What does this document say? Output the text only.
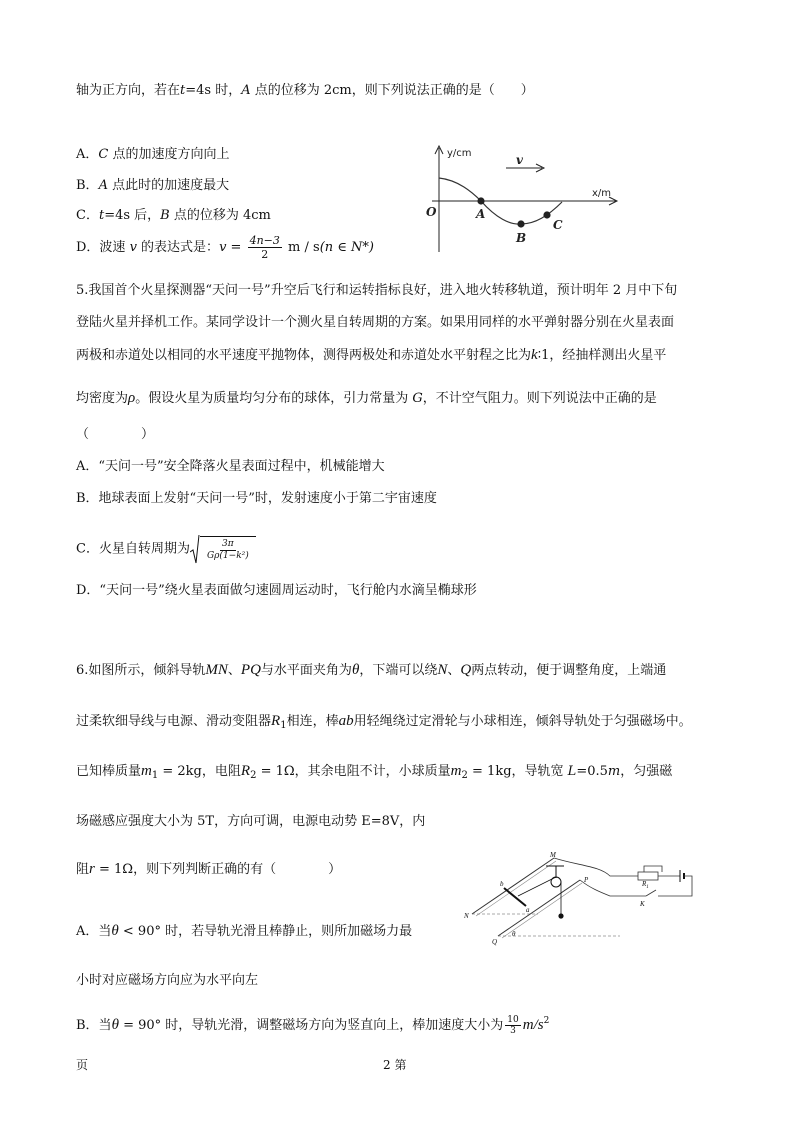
轴为正方向，若在t=4s 时，A 点的位移为 2cm，则下列说法正确的是（　　）
A．C 点的加速度方向向上
B．A 点此时的加速度最大
C．t=4s 后，B 点的位移为 4cm
D．波速 v 的表达式是：$v = \frac{4n-3}{2}$ m / s(n ∈ N*)
y/cm
x/m
O
v
A
B
C
5.我国首个火星探测器“天问一号”升空后飞行和运转指标良好，进入地火转移轨道，预计明年 2 月中下旬
登陆火星并择机工作。某同学设计一个测火星自转周期的方案。如果用同样的水平弹射器分别在火星表面
两极和赤道处以相同的水平速度平抛物体，测得两极处和赤道处水平射程之比为k∶1，经抽样测出火星平
均密度为ρ。假设火星为质量均匀分布的球体，引力常量为 G，不计空气阻力。则下列说法中正确的是
（　　　　）
A．“天问一号”安全降落火星表面过程中，机械能增大
B．地球表面上发射“天问一号”时，发射速度小于第二宇宙速度
C．火星自转周期为 $\frac{3\pi}{\text{Gρ(1−k²)}}$
D．“天问一号”绕火星表面做匀速圆周运动时，飞行舱内水滴呈椭球形
6.如图所示，倾斜导轨MN、PQ与水平面夹角为θ，下端可以绕N、Q两点转动，便于调整角度，上端通
过柔软细导线与电源、滑动变阻器$R_1$相连，棒ab用轻绳绕过定滑轮与小球相连，倾斜导轨处于匀强磁场中。
已知棒质量$m_1 = 2kg$，电阻$R_2 = 1\Omega$，其余电阻不计，小球质量$m_2 = 1kg$，导轨宽 L=0.5m，匀强磁
场磁感应强度大小为 5T，方向可调，电源电动势 E=8V，内
阻r = 1Ω，则下列判断正确的有（　　　　）
A．当θ < 90° 时，若导轨光滑且棒静止，则所加磁场力最
小时对应磁场方向应为水平向左
B．当θ = 90° 时，导轨光滑，调整磁场方向为竖直向上，棒加速度大小为 $\frac{10}{3} m/s^2$
M
N
P
Q
b
a
θ
$R_1$
K
页	2 第
